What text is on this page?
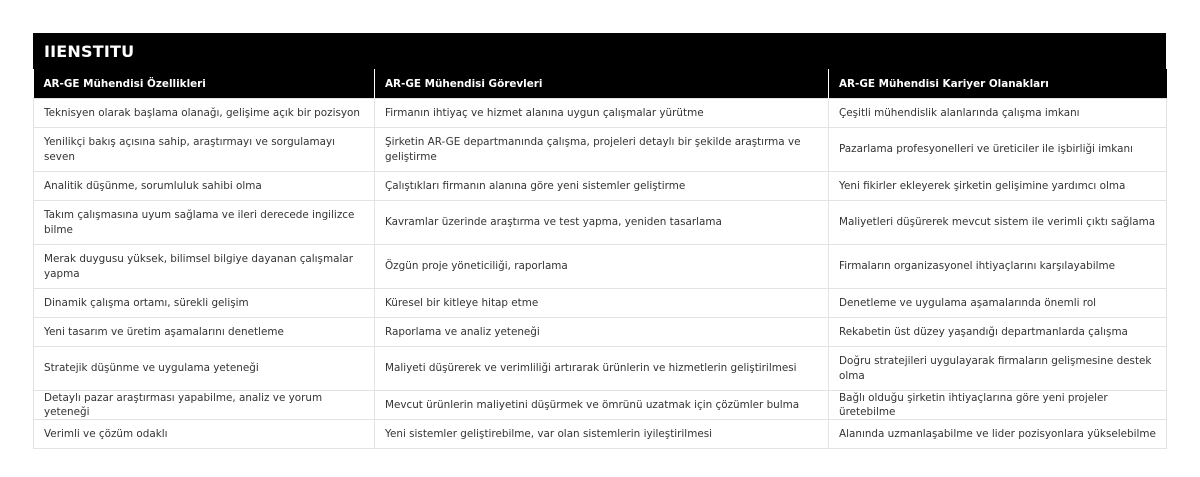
IIENSTITU
AR-GE Mühendisi Özellikleri	AR-GE Mühendisi Görevleri	AR-GE Mühendisi Kariyer Olanakları
Teknisyen olarak başlama olanağı, gelişime açık bir pozisyon	Firmanın ihtiyaç ve hizmet alanına uygun çalışmalar yürütme	Çeşitli mühendislik alanlarında çalışma imkanı
Yenilikçi bakış açısına sahip, araştırmayı ve sorgulamayı seven	Şirketin AR-GE departmanında çalışma, projeleri detaylı bir şekilde araştırma ve geliştirme	Pazarlama profesyonelleri ve üreticiler ile işbirliği imkanı
Analitik düşünme, sorumluluk sahibi olma	Çalıştıkları firmanın alanına göre yeni sistemler geliştirme	Yeni fikirler ekleyerek şirketin gelişimine yardımcı olma
Takım çalışmasına uyum sağlama ve ileri derecede ingilizce bilme	Kavramlar üzerinde araştırma ve test yapma, yeniden tasarlama	Maliyetleri düşürerek mevcut sistem ile verimli çıktı sağlama
Merak duygusu yüksek, bilimsel bilgiye dayanan çalışmalar yapma	Özgün proje yöneticiliği, raporlama	Firmaların organizasyonel ihtiyaçlarını karşılayabilme
Dinamik çalışma ortamı, sürekli gelişim	Küresel bir kitleye hitap etme	Denetleme ve uygulama aşamalarında önemli rol
Yeni tasarım ve üretim aşamalarını denetleme	Raporlama ve analiz yeteneği	Rekabetin üst düzey yaşandığı departmanlarda çalışma
Stratejik düşünme ve uygulama yeteneği	Maliyeti düşürerek ve verimliliği artırarak ürünlerin ve hizmetlerin geliştirilmesi	Doğru stratejileri uygulayarak firmaların gelişmesine destek olma
Detaylı pazar araştırması yapabilme, analiz ve yorum yeteneği	Mevcut ürünlerin maliyetini düşürmek ve ömrünü uzatmak için çözümler bulma	Bağlı olduğu şirketin ihtiyaçlarına göre yeni projeler üretebilme
Verimli ve çözüm odaklı	Yeni sistemler geliştirebilme, var olan sistemlerin iyileştirilmesi	Alanında uzmanlaşabilme ve lider pozisyonlara yükselebilme
